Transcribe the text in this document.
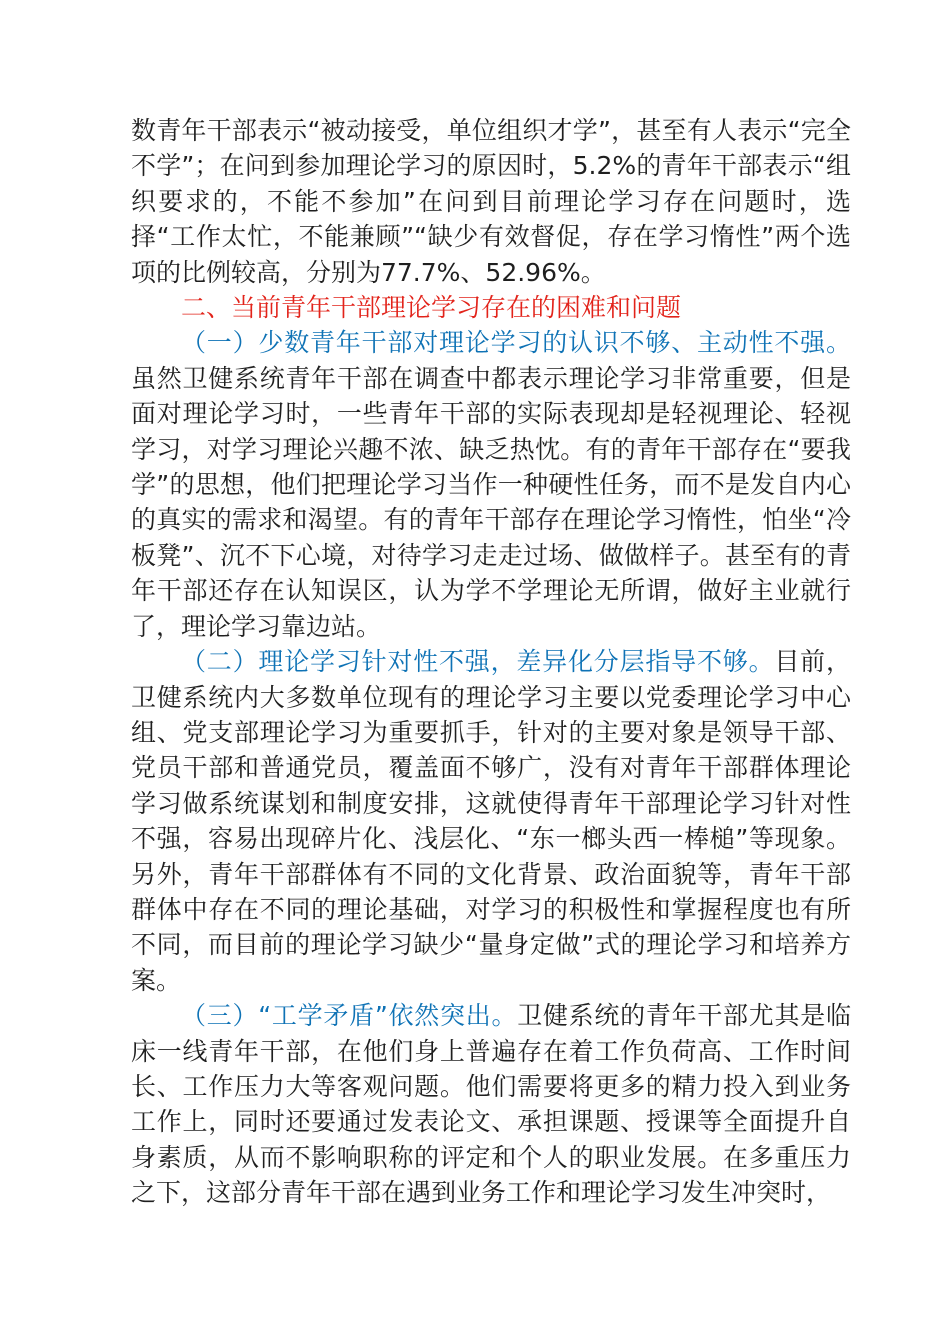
数青年干部表示“被动接受，单位组织才学”，甚至有人表示“完全不学”；在问到参加理论学习的原因时，5.2%的青年干部表示“组织要求的，不能不参加”在问到目前理论学习存在问题时，选择“工作太忙，不能兼顾”“缺少有效督促，存在学习惰性”两个选项的比例较高，分别为77.7%、52.96%。

二、当前青年干部理论学习存在的困难和问题

（一）少数青年干部对理论学习的认识不够、主动性不强。虽然卫健系统青年干部在调查中都表示理论学习非常重要，但是面对理论学习时，一些青年干部的实际表现却是轻视理论、轻视学习，对学习理论兴趣不浓、缺乏热忱。有的青年干部存在“要我学”的思想，他们把理论学习当作一种硬性任务，而不是发自内心的真实的需求和渴望。有的青年干部存在理论学习惰性，怕坐“冷板凳”、沉不下心境，对待学习走走过场、做做样子。甚至有的青年干部还存在认知误区，认为学不学理论无所谓，做好主业就行了，理论学习靠边站。

（二）理论学习针对性不强，差异化分层指导不够。目前，卫健系统内大多数单位现有的理论学习主要以党委理论学习中心组、党支部理论学习为重要抓手，针对的主要对象是领导干部、党员干部和普通党员，覆盖面不够广，没有对青年干部群体理论学习做系统谋划和制度安排，这就使得青年干部理论学习针对性不强，容易出现碎片化、浅层化、“东一榔头西一棒槌”等现象。另外，青年干部群体有不同的文化背景、政治面貌等，青年干部群体中存在不同的理论基础，对学习的积极性和掌握程度也有所不同，而目前的理论学习缺少“量身定做”式的理论学习和培养方案。

（三）“工学矛盾”依然突出。卫健系统的青年干部尤其是临床一线青年干部，在他们身上普遍存在着工作负荷高、工作时间长、工作压力大等客观问题。他们需要将更多的精力投入到业务工作上，同时还要通过发表论文、承担课题、授课等全面提升自身素质，从而不影响职称的评定和个人的职业发展。在多重压力之下，这部分青年干部在遇到业务工作和理论学习发生冲突时，
